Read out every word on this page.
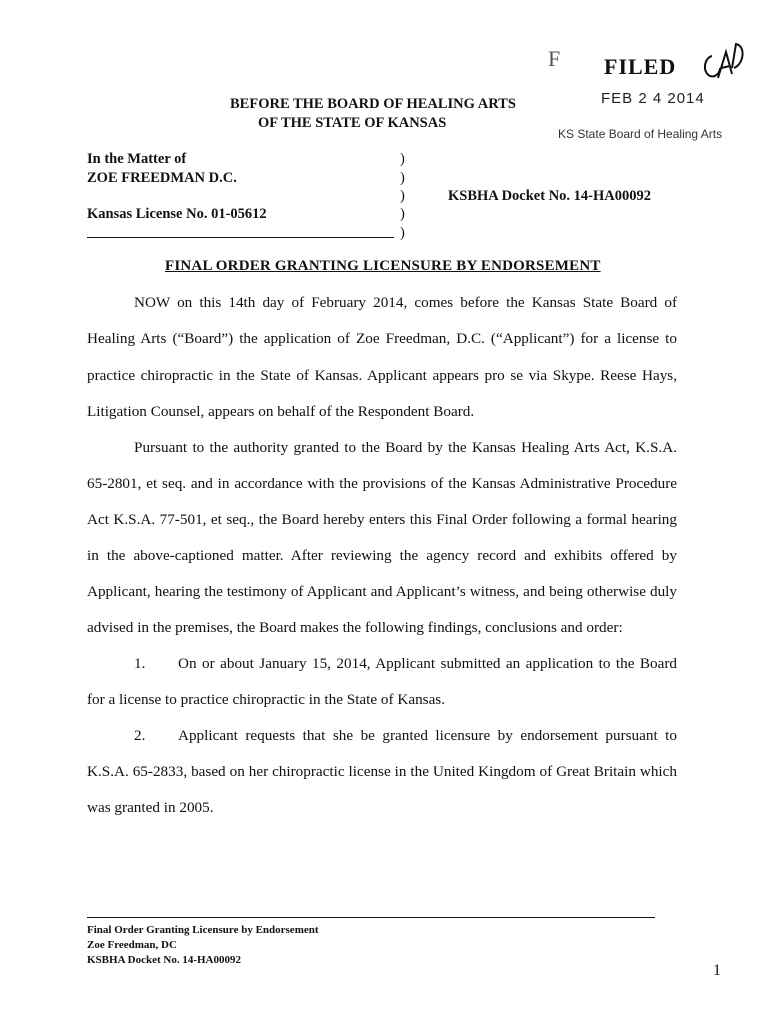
F FILED
FEB 2 4 2014
KS State Board of Healing Arts
BEFORE THE BOARD OF HEALING ARTS
OF THE STATE OF KANSAS
In the Matter of
ZOE FREEDMAN D.C.
Kansas License No. 01-05612
KSBHA Docket No. 14-HA00092
)
)
)
)
)
FINAL ORDER GRANTING LICENSURE BY ENDORSEMENT
NOW on this 14th day of February 2014, comes before the Kansas State Board of
Healing Arts (“Board”) the application of Zoe Freedman, D.C. (“Applicant”) for a license to
practice chiropractic in the State of Kansas. Applicant appears pro se via Skype. Reese Hays,
Litigation Counsel, appears on behalf of the Respondent Board.
Pursuant to the authority granted to the Board by the Kansas Healing Arts Act, K.S.A.
65-2801, et seq. and in accordance with the provisions of the Kansas Administrative Procedure
Act K.S.A. 77-501, et seq., the Board hereby enters this Final Order following a formal hearing
in the above-captioned matter. After reviewing the agency record and exhibits offered by
Applicant, hearing the testimony of Applicant and Applicant’s witness, and being otherwise duly
advised in the premises, the Board makes the following findings, conclusions and order:
1. On or about January 15, 2014, Applicant submitted an application to the Board
for a license to practice chiropractic in the State of Kansas.
2. Applicant requests that she be granted licensure by endorsement pursuant to
K.S.A. 65-2833, based on her chiropractic license in the United Kingdom of Great Britain which
was granted in 2005.
Final Order Granting Licensure by Endorsement
Zoe Freedman, DC
KSBHA Docket No. 14-HA00092
1
